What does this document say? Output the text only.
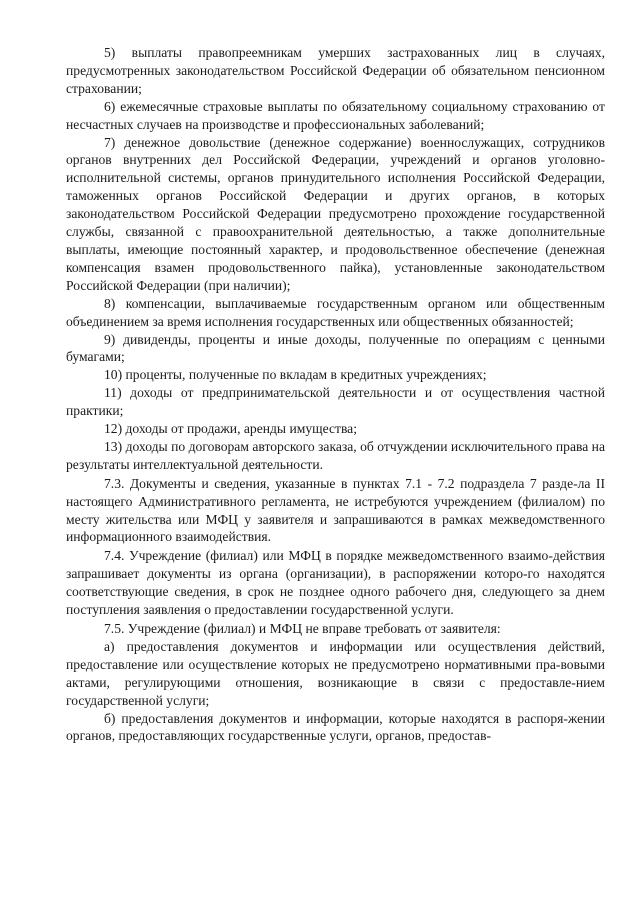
5) выплаты правопреемникам умерших застрахованных лиц в случаях, предусмотренных законодательством Российской Федерации об обязательном пенсионном страховании;

6) ежемесячные страховые выплаты по обязательному социальному страхованию от несчастных случаев на производстве и профессиональных заболеваний;

7) денежное довольствие (денежное содержание) военнослужащих, сотрудников органов внутренних дел Российской Федерации, учреждений и органов уголовно-исполнительной системы, органов принудительного исполнения Российской Федерации, таможенных органов Российской Федерации и других органов, в которых законодательством Российской Федерации предусмотрено прохождение государственной службы, связанной с правоохранительной деятельностью, а также дополнительные выплаты, имеющие постоянный характер, и продовольственное обеспечение (денежная компенсация взамен продовольственного пайка), установленные законодательством Российской Федерации (при наличии);

8) компенсации, выплачиваемые государственным органом или общественным объединением за время исполнения государственных или общественных обязанностей;

9) дивиденды, проценты и иные доходы, полученные по операциям с ценными бумагами;

10) проценты, полученные по вкладам в кредитных учреждениях;

11) доходы от предпринимательской деятельности и от осуществления частной практики;

12) доходы от продажи, аренды имущества;

13) доходы по договорам авторского заказа, об отчуждении исключительного права на результаты интеллектуальной деятельности.

7.3. Документы и сведения, указанные в пунктах 7.1 - 7.2 подраздела 7 разде-ла II настоящего Административного регламента, не истребуются учреждением (филиалом) по месту жительства или МФЦ у заявителя и запрашиваются в рамках межведомственного информационного взаимодействия.

7.4. Учреждение (филиал) или МФЦ в порядке межведомственного взаимо-действия запрашивает документы из органа (организации), в распоряжении которо-го находятся соответствующие сведения, в срок не позднее одного рабочего дня, следующего за днем поступления заявления о предоставлении государственной услуги.

7.5. Учреждение (филиал) и МФЦ не вправе требовать от заявителя:

а) предоставления документов и информации или осуществления действий, предоставление или осуществление которых не предусмотрено нормативными пра-вовыми актами, регулирующими отношения, возникающие в связи с предоставле-нием государственной услуги;

б) предоставления документов и информации, которые находятся в распоря-жении органов, предоставляющих государственные услуги, органов, предостав-
